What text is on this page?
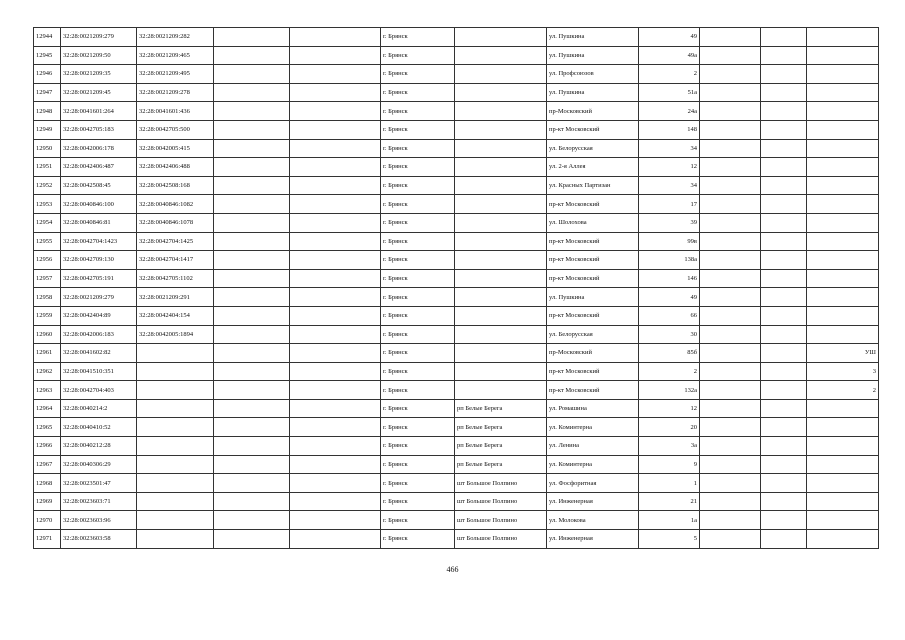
12944	32:28:0021209:279	32:28:0021209:282			г. Брянск		ул. Пушкина	49			
12945	32:28:0021209:50	32:28:0021209:465			г. Брянск		ул. Пушкина	49а			
12946	32:28:0021209:35	32:28:0021209:495			г. Брянск		ул. Профсоюзов	2			
12947	32:28:0021209:45	32:28:0021209:278			г. Брянск		ул. Пушкина	51а			
12948	32:28:0041601:264	32:28:0041601:436			г. Брянск		пр-Московский	24а			
12949	32:28:0042705:183	32:28:0042705:500			г. Брянск		пр-кт Московский	148			
12950	32:28:0042006:178	32:28:0042005:415			г. Брянск		ул. Белорусская	34			
12951	32:28:0042406:487	32:28:0042406:488			г. Брянск		ул. 2-я Аллея	12			
12952	32:28:0042508:45	32:28:0042508:168			г. Брянск		ул. Красных Партизан	34			
12953	32:28:0040846:100	32:28:0040846:1082			г. Брянск		пр-кт Московский	17			
12954	32:28:0040846:81	32:28:0040846:1078			г. Брянск		ул. Шолохова	39			
12955	32:28:0042704:1423	32:28:0042704:1425			г. Брянск		пр-кт Московский	99в			
12956	32:28:0042709:130	32:28:0042704:1417			г. Брянск		пр-кт Московский	138а			
12957	32:28:0042705:191	32:28:0042705:1102			г. Брянск		пр-кт Московский	146			
12958	32:28:0021209:279	32:28:0021209:291			г. Брянск		ул. Пушкина	49			
12959	32:28:0042404:89	32:28:0042404:154			г. Брянск		пр-кт Московский	66			
12960	32:28:0042006:183	32:28:0042005:1894			г. Брянск		ул. Белорусская	30			
12961	32:28:0041602:82				г. Брянск		пр-Московский	85б			УШ
12962	32:28:0041510:351				г. Брянск		пр-кт Московский	2			3
12963	32:28:0042704:403				г. Брянск		пр-кт Московский	132а			2
12964	32:28:0040214:2				г. Брянск	рп Белые Берега	ул. Ромашина	12			
12965	32:28:0040410:52				г. Брянск	рп Белые Берега	ул. Коминтерна	20			
12966	32:28:0040212:28				г. Брянск	рп Белые Берега	ул. Ленина	3а			
12967	32:28:0040306:29				г. Брянск	рп Белые Берега	ул. Коминтерна	9			
12968	32:28:0023501:47				г. Брянск	шт Большое Полпино	ул. Фосфоритная	1			
12969	32:28:0023603:71				г. Брянск	шт Большое Полпино	ул. Инженерная	21			
12970	32:28:0023603:96				г. Брянск	шт Большое Полпино	ул. Молокова	1а			
12971	32:28:0023603:58				г. Брянск	шт Большое Полпино	ул. Инженерная	5			
466
